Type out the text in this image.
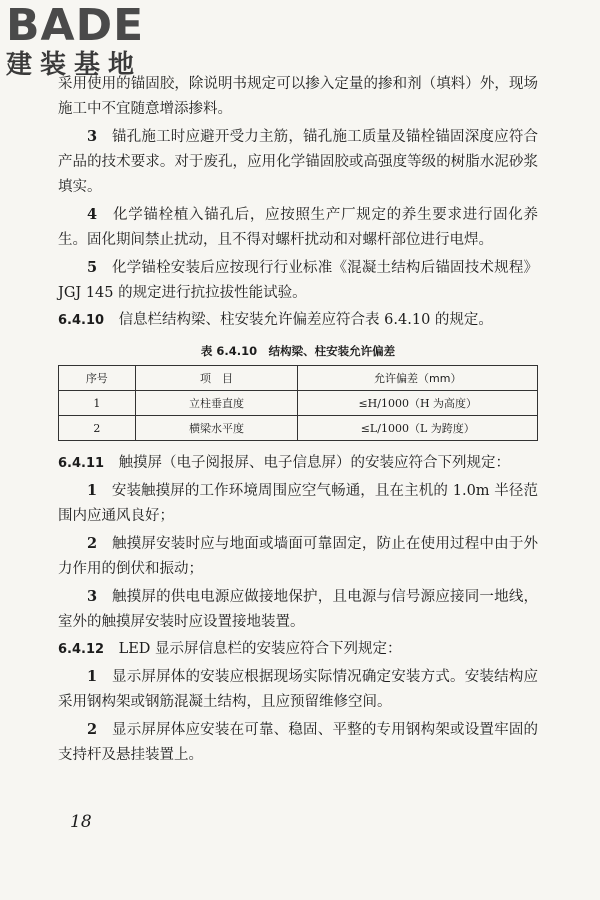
BADE
建装基地

采用使用的锚固胶，除说明书规定可以掺入定量的掺和剂（填料）外，现场施工中不宜随意增添掺料。

3　 锚孔施工时应避开受力主筋，锚孔施工质量及锚栓锚固深度应符合产品的技术要求。对于废孔，应用化学锚固胶或高强度等级的树脂水泥砂浆填实。

4　 化学锚栓植入锚孔后，应按照生产厂规定的养生要求进行固化养生。固化期间禁止扰动，且不得对螺杆扰动和对螺杆部位进行电焊。

5　 化学锚栓安装后应按现行行业标准《混凝土结构后锚固技术规程》JGJ 145 的规定进行抗拉拔性能试验。

6.4.10　 信息栏结构梁、柱安装允许偏差应符合表 6.4.10 的规定。

表 6.4.10　结构梁、柱安装允许偏差
序号	项　目	允许偏差（mm）
1	立柱垂直度	≤H/1000（H 为高度）
2	横梁水平度	≤L/1000（L 为跨度）

6.4.11　 触摸屏（电子阅报屏、电子信息屏）的安装应符合下列规定：

1　 安装触摸屏的工作环境周围应空气畅通，且在主机的 1.0m 半径范围内应通风良好；

2　 触摸屏安装时应与地面或墙面可靠固定，防止在使用过程中由于外力作用的倒伏和振动；

3　 触摸屏的供电电源应做接地保护，且电源与信号源应接同一地线，室外的触摸屏安装时应设置接地装置。

6.4.12　 LED 显示屏信息栏的安装应符合下列规定：

1　 显示屏屏体的安装应根据现场实际情况确定安装方式。安装结构应采用钢构架或钢筋混凝土结构，且应预留维修空间。

2　 显示屏屏体应安装在可靠、稳固、平整的专用钢构架或设置牢固的支持杆及悬挂装置上。

18
